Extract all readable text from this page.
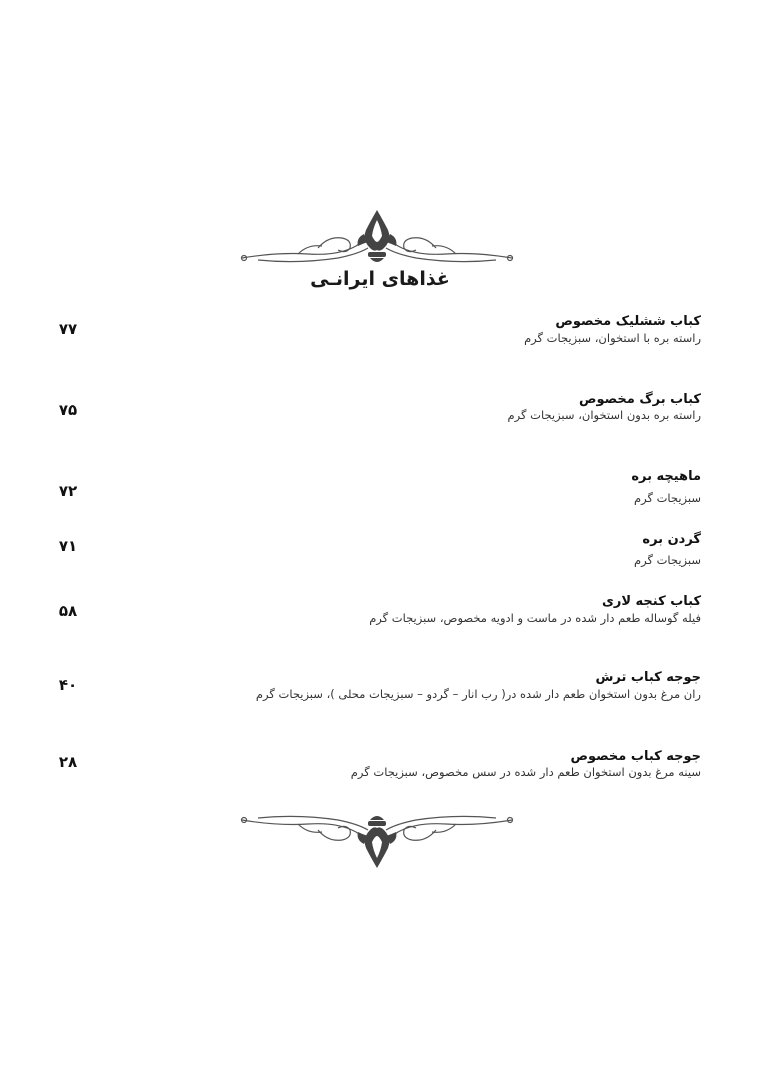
غذاهای ایرانـی
کباب ششلیک مخصوص
راسته بره با استخوان، سبزیجات گرم
۷۷
کباب برگ مخصوص
راسته بره بدون استخوان، سبزیجات گرم
۷۵
ماهیچه بره
سبزیجات گرم
۷۲
گردن بره
سبزیجات گرم
۷۱
کباب کنجه لاری
فیله گوساله طعم دار شده در ماست و ادویه مخصوص، سبزیجات گرم
۵۸
جوجه کباب ترش
ران مرغ بدون استخوان طعم دار شده در( رب انار – گردو – سبزیجات محلی )، سبزیجات گرم
۴۰
جوجه کباب مخصوص
سینه مرغ بدون استخوان طعم دار شده در سس مخصوص، سبزیجات گرم
۲۸
